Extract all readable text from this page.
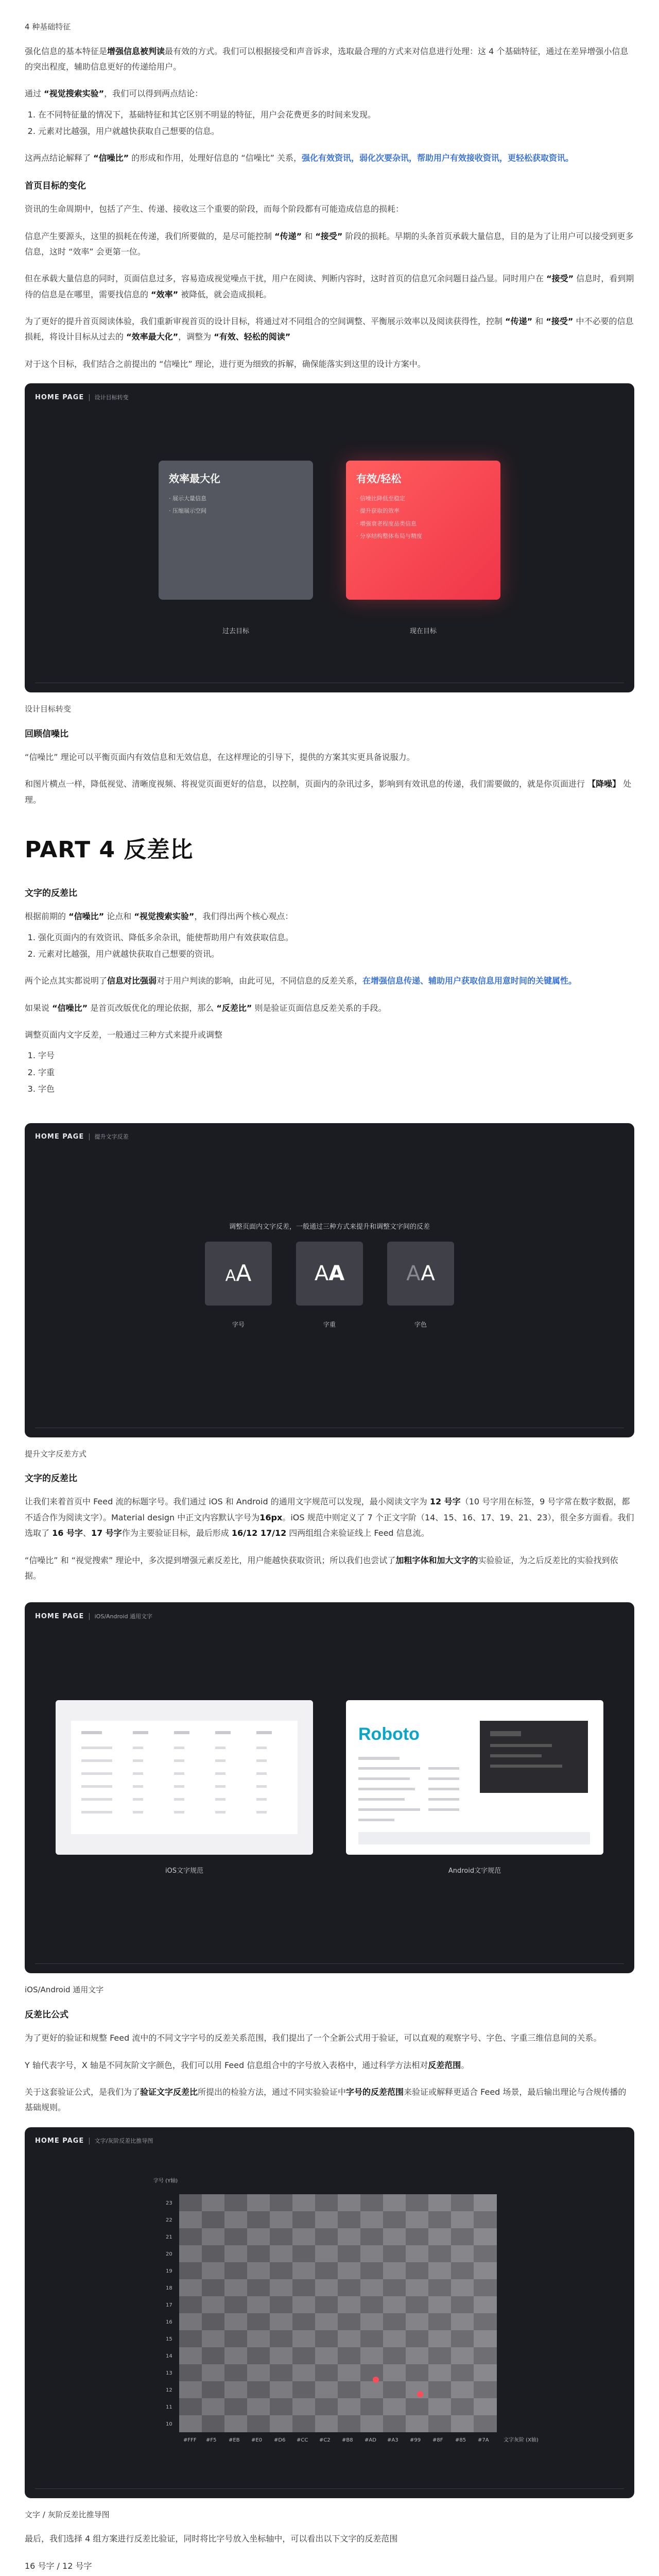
4 种基础特征

强化信息的基本特征是增强信息被判读最有效的方式。我们可以根据接受和声音诉求，选取最合理的方式来对信息进行处理：这 4 个基础特征，通过在差异增强小信息的突出程度，辅助信息更好的传递给用户。

通过 “视觉搜索实验”，我们可以得到两点结论：

1. 在不同特征量的情况下，基础特征和其它区别不明显的特征，用户会花费更多的时间来发现。
2. 元素对比越强，用户就越快获取自己想要的信息。

这两点结论解释了 “信噪比” 的形成和作用，处理好信息的 “信噪比” 关系，强化有效资讯，弱化次要杂讯，帮助用户有效接收资讯，更轻松获取资讯。

首页目标的变化

资讯的生命周期中，包括了产生、传递、接收这三个重要的阶段，而每个阶段都有可能造成信息的损耗：

信息产生要源头，这里的损耗在传递，我们所要做的，是尽可能控制 “传递” 和 “接受” 阶段的损耗。早期的头条首页承载大量信息，目的是为了让用户可以接受到更多信息，这时 “效率” 会更第一位。

但在承载大量信息的同时，页面信息过多，容易造成视觉噪点干扰，用户在阅读、判断内容时，这时首页的信息冗余问题日益凸显。同时用户在 “接受” 信息时，看到期待的信息是在哪里，需要找信息的 “效率” 被降低，就会造成损耗。

为了更好的提升首页阅读体验，我们重新审视首页的设计目标，将通过对不同组合的空间调整、平衡展示效率以及阅读获得性，控制 “传递” 和 “接受” 中不必要的信息损耗，将设计目标从过去的 “效率最大化”，调整为 “有效、轻松的阅读”

对于这个目标，我们结合之前提出的 “信噪比” 理论，进行更为细致的拆解，确保能落实到这里的设计方案中。

HOME PAGE | 设计目标转变
效率最大化
· 展示大量信息
· 压缩展示空间
有效/轻松
· 信噪比降低至稳定
· 提升获取的效率
· 增强衰老程度品类信息
· 分享结构整体布局与精度
过去目标	现在目标
设计目标转变
回顾信噪比

“信噪比” 理论可以平衡页面内有效信息和无效信息，在这样理论的引导下，提供的方案其实更具备说服力。

和图片横点一样，降低视觉、清晰度视频、将视觉页面更好的信息，以控制，页面内的杂讯过多，影响到有效讯息的传递，我们需要做的，就是你页面进行 【降噪】 处理。

PART 4 反差比
文字的反差比

根据前期的 “信噪比” 论点和 “视觉搜索实验”，我们得出两个核心观点：

1. 强化页面内的有效资讯、降低多余杂讯，能使帮助用户有效获取信息。
2. 元素对比越强，用户就越快获取自己想要的资讯。

两个论点其实都说明了信息对比强弱对于用户判读的影响，由此可见，不同信息的反差关系，在增强信息传递、辅助用户获取信息用意时间的关键属性。

如果说 “信噪比” 是首页改版优化的理论依据，那么 “反差比” 则是验证页面信息反差关系的手段。

调整页面内文字反差，一般通过三种方式来提升或调整

1. 字号
2. 字重
3. 字色
HOME PAGE | 提升文字反差
调整页面内文字反差，一般通过三种方式来提升和调整文字间的反差
AA	AA	AA
字号	字重	字色
提升文字反差方式
文字的反差比

让我们来着首页中 Feed 流的标题字号。我们通过 iOS 和 Android 的通用文字规范可以发现，最小阅读文字为 12 号字（10 号字用在标签，9 号字常在数字数据，都不适合作为阅读文字）。Material design 中正文内容默认字号为16px。iOS 规范中则定义了 7 个正文字阶（14、15、16、17、19、21、23），很全多方面看。我们选取了 16 号字、17 号字作为主要验证目标，最后形成 16/12 17/12 四两组组合来验证线上 Feed 信息流。

“信噪比” 和 “视觉搜索” 理论中，多次提到增强元素反差比，用户能越快获取资讯；所以我们也尝试了加粗字体和加大文字的实验验证，为之后反差比的实验找到依据。

HOME PAGE | iOS/Android 通用文字
Roboto
iOS文字规范	Android文字规范
iOS/Android 通用文字
反差比公式

为了更好的验证和规整 Feed 流中的不同文字字号的反差关系范围，我们提出了一个全新公式用于验证，可以直观的观察字号、字色、字重三维信息间的关系。

Y 轴代表字号，X 轴是不同灰阶文字颜色，我们可以用 Feed 信息组合中的字号放入表格中，通过科学方法相对反差范围。

关于这套验证公式，是我们为了验证文字反差比所提出的检验方法，通过不同实验验证中字号的反差范围来验证或解释更适合 Feed 场景，最后输出理论与合规传播的基础规则。

HOME PAGE | 文字/灰阶反差比推导图
字号 (Y轴)
文字灰阶 (X轴)
23
22
21
20
19
18
17
16
15
14
13
12
11
10
#FFF #F5 #EB #E0 #D6 #CC #C2 #B8 #AD #A3 #99 #8F #85 #7A
文字 / 灰阶反差比推导图

最后，我们选择 4 组方案进行反差比验证，同时将比字号放入坐标轴中，可以看出以下文字的反差范围

16 号字 / 12 号字
